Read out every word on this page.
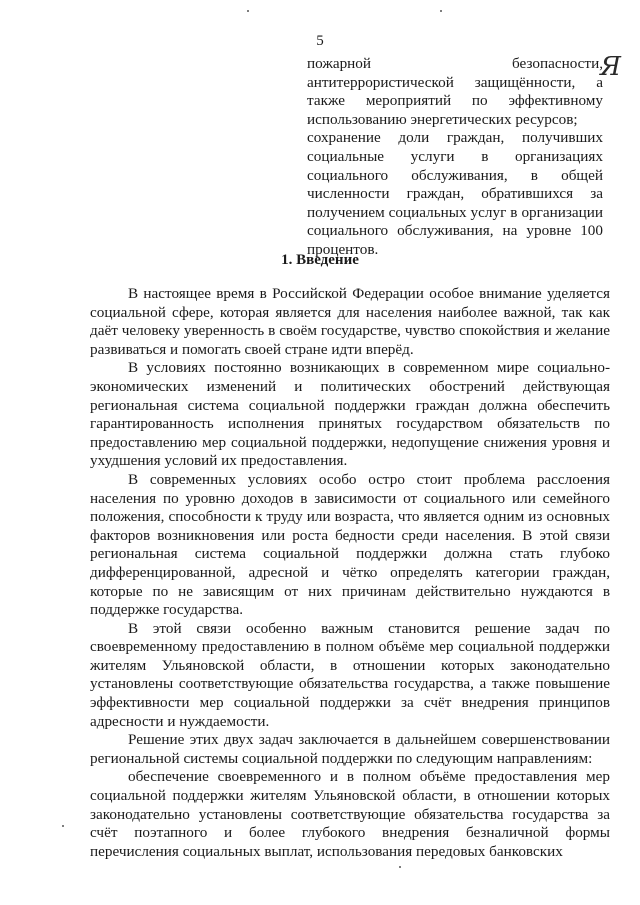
5
Я

пожарной безопасности, антитеррористической защищённости, а также мероприятий по эффективному использованию энергетических ресурсов;

сохранение доли граждан, получивших социальные услуги в организациях социального обслуживания, в общей численности граждан, обратившихся за получением социальных услуг в организации социального обслуживания, на уровне 100 процентов.

1. Введение

В настоящее время в Российской Федерации особое внимание уделяется социальной сфере, которая является для населения наиболее важной, так как даёт человеку уверенность в своём государстве, чувство спокойствия и желание развиваться и помогать своей стране идти вперёд.

В условиях постоянно возникающих в современном мире социально-экономических изменений и политических обострений действующая региональная система социальной поддержки граждан должна обеспечить гарантированность исполнения принятых государством обязательств по предоставлению мер социальной поддержки, недопущение снижения уровня и ухудшения условий их предоставления.

В современных условиях особо остро стоит проблема расслоения населения по уровню доходов в зависимости от социального или семейного положения, способности к труду или возраста, что является одним из основных факторов возникновения или роста бедности среди населения. В этой связи региональная система социальной поддержки должна стать глубоко дифференцированной, адресной и чётко определять категории граждан, которые по не зависящим от них причинам действительно нуждаются в поддержке государства.

В этой связи особенно важным становится решение задач по своевременному предоставлению в полном объёме мер социальной поддержки жителям Ульяновской области, в отношении которых законодательно установлены соответствующие обязательства государства, а также повышение эффективности мер социальной поддержки за счёт внедрения принципов адресности и нуждаемости.

Решение этих двух задач заключается в дальнейшем совершенствовании региональной системы социальной поддержки по следующим направлениям:

обеспечение своевременного и в полном объёме предоставления мер социальной поддержки жителям Ульяновской области, в отношении которых законодательно установлены соответствующие обязательства государства за счёт поэтапного и более глубокого внедрения безналичной формы перечисления социальных выплат, использования передовых банковских
